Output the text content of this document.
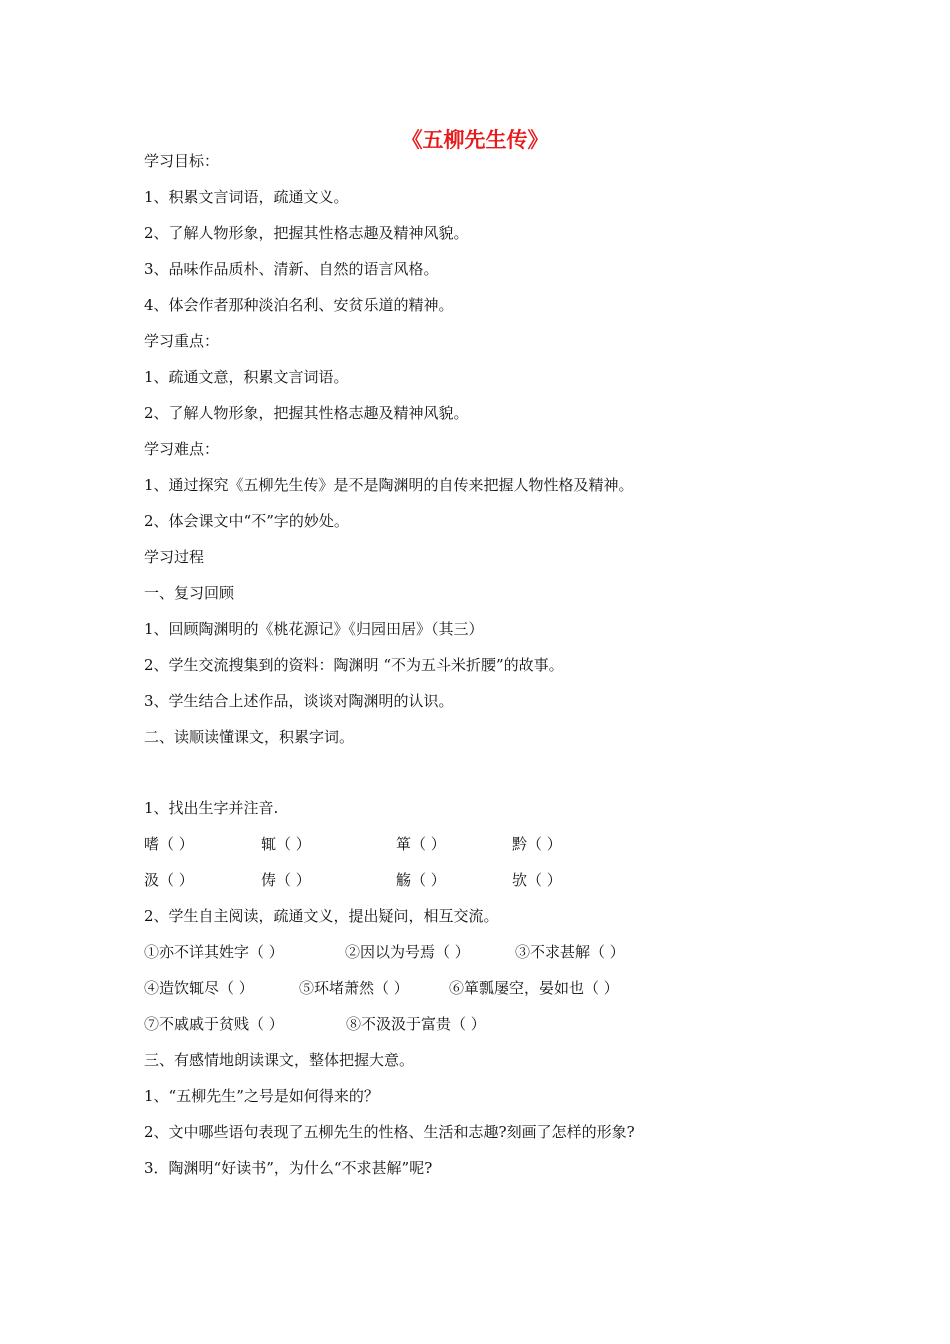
《五柳先生传》
学习目标：
1、积累文言词语，疏通文义。
2、了解人物形象，把握其性格志趣及精神风貌。
3、品味作品质朴、清新、自然的语言风格。
4、体会作者那种淡泊名利、安贫乐道的精神。
学习重点：
1、疏通文意，积累文言词语。
2、了解人物形象，把握其性格志趣及精神风貌。
学习难点：
1、通过探究《五柳先生传》是不是陶渊明的自传来把握人物性格及精神。
2、体会课文中“不”字的妙处。
学习过程
一、复习回顾
1、回顾陶渊明的《桃花源记》《归园田居》（其三）
2、学生交流搜集到的资料：陶渊明 “不为五斗米折腰”的故事。
3、学生结合上述作品，谈谈对陶渊明的认识。
二、读顺读懂课文，积累字词。
1、找出生字并注音.
嗜（ ）	辄（ ）	箪（ ）	黔（ ）
汲（ ）	俦（ ）	觞（ ）	欤（ ）
2、学生自主阅读，疏通文义，提出疑问，相互交流。
①亦不详其姓字（ ）	②因以为号焉（ ）	③不求甚解（ ）
④造饮辄尽（ ）	⑤环堵萧然（ ）	⑥箪瓢屡空，晏如也（ ）
⑦不戚戚于贫贱（ ）	⑧不汲汲于富贵（ ）
三、有感情地朗读课文，整体把握大意。
1、“五柳先生”之号是如何得来的？
2、文中哪些语句表现了五柳先生的性格、生活和志趣?刻画了怎样的形象?
3．陶渊明“好读书”，为什么“不求甚解”呢?
